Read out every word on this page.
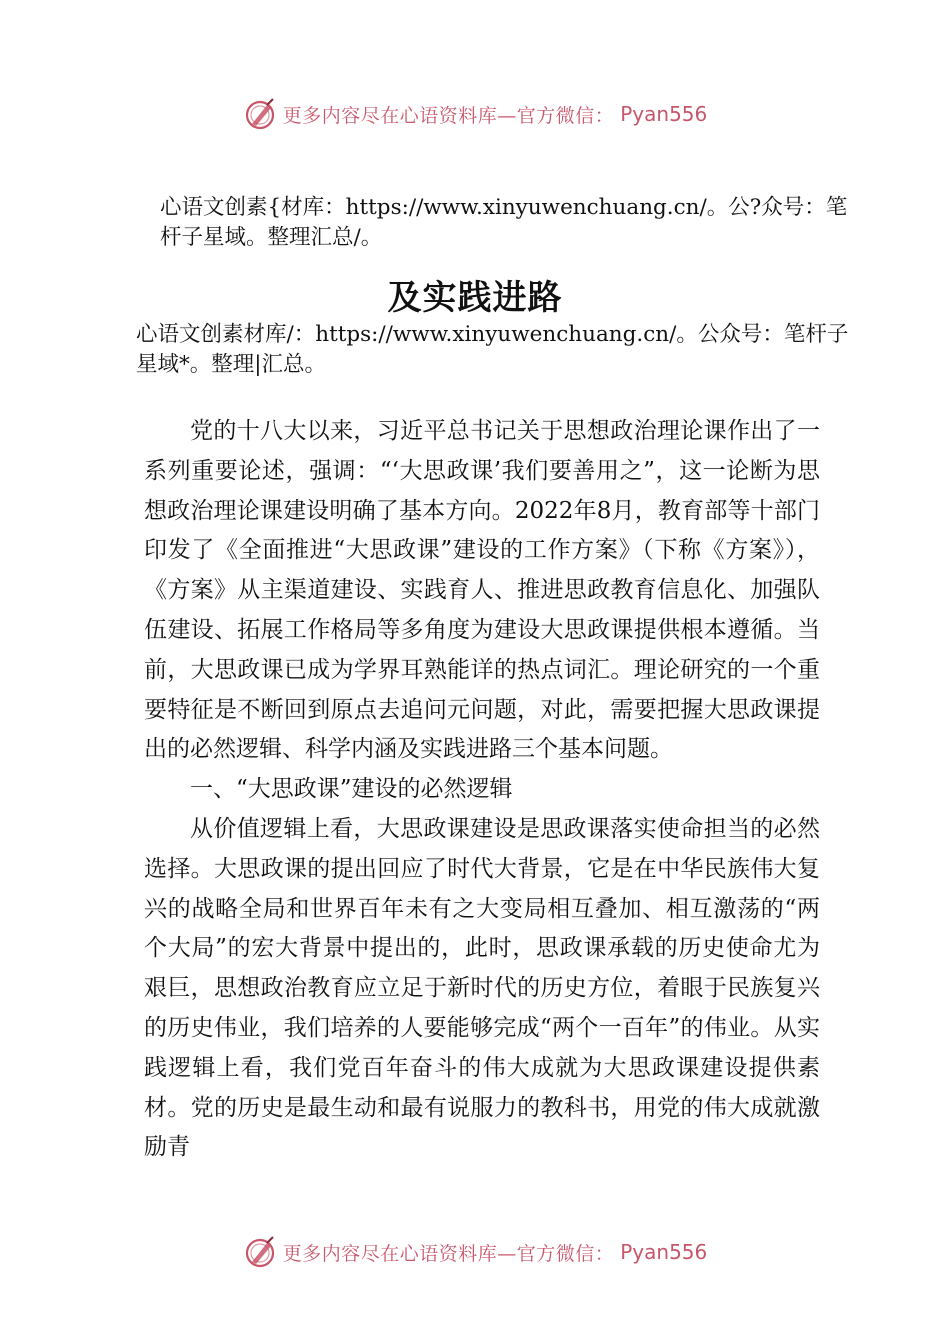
更多内容尽在心语资料库—官方微信： Pyan556
心语文创素{材库：https://www.xinyuwenchuang.cn/。公?众号：笔杆子星域。整理汇总/。
及实践进路
心语文创素材库/：https://www.xinyuwenchuang.cn/。公众号：笔杆子星域*。整理|汇总。

党的十八大以来，习近平总书记关于思想政治理论课作出了一系列重要论述，强调：“‘大思政课’我们要善用之”，这一论断为思想政治理论课建设明确了基本方向。2022年8月，教育部等十部门印发了《全面推进“大思政课”建设的工作方案》（下称《方案》），《方案》从主渠道建设、实践育人、推进思政教育信息化、加强队伍建设、拓展工作格局等多角度为建设大思政课提供根本遵循。当前，大思政课已成为学界耳熟能详的热点词汇。理论研究的一个重要特征是不断回到原点去追问元问题，对此，需要把握大思政课提出的必然逻辑、科学内涵及实践进路三个基本问题。

一、“大思政课”建设的必然逻辑

从价值逻辑上看，大思政课建设是思政课落实使命担当的必然选择。大思政课的提出回应了时代大背景，它是在中华民族伟大复兴的战略全局和世界百年未有之大变局相互叠加、相互激荡的“两个大局”的宏大背景中提出的，此时，思政课承载的历史使命尤为艰巨，思想政治教育应立足于新时代的历史方位，着眼于民族复兴的历史伟业，我们培养的人要能够完成“两个一百年”的伟业。从实践逻辑上看，我们党百年奋斗的伟大成就为大思政课建设提供素材。党的历史是最生动和最有说服力的教科书，用党的伟大成就激励青

更多内容尽在心语资料库—官方微信： Pyan556
